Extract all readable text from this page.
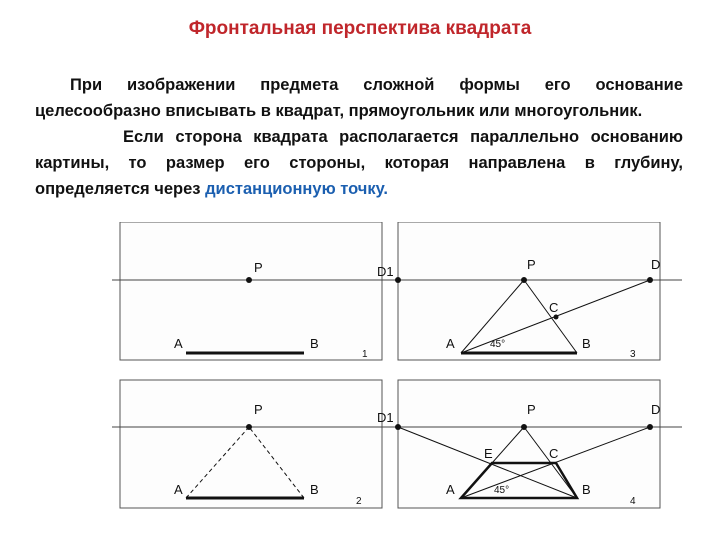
Фронтальная перспектива квадрата

При изображении предмета сложной формы его основание целесообразно вписывать в квадрат, прямоугольник или многоугольник.

Если сторона квадрата располагается параллельно основанию картины, то размер его стороны, которая направлена в глубину, определяется через дистанционную точку.

P
A	B
1
D1	P	D
C
A	B
45°
3
P
A	B
2
D1
P	D
E	C
A	B
45°
4
